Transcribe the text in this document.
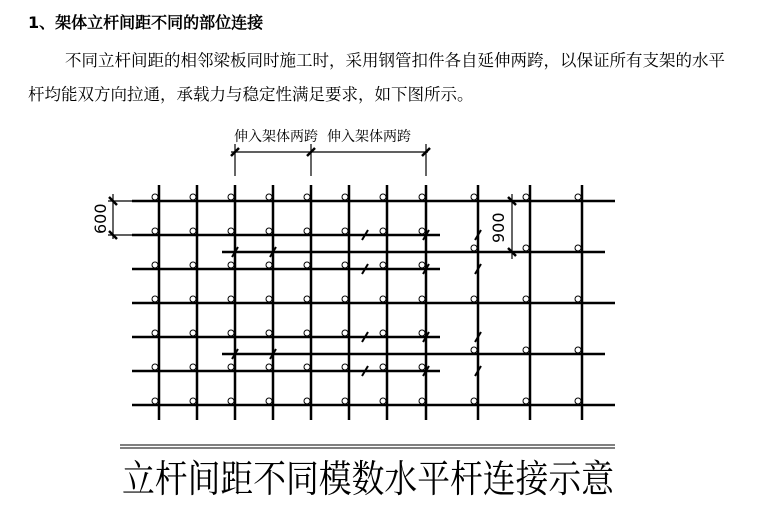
1、架体立杆间距不同的部位连接
不同立杆间距的相邻梁板同时施工时，采用钢管扣件各自延伸两跨，以保证所有支架的水平杆均能双方向拉通，承载力与稳定性满足要求，如下图所示。
伸入架体两跨 伸入架体两跨
600	900
立杆间距不同模数水平杆连接示意
